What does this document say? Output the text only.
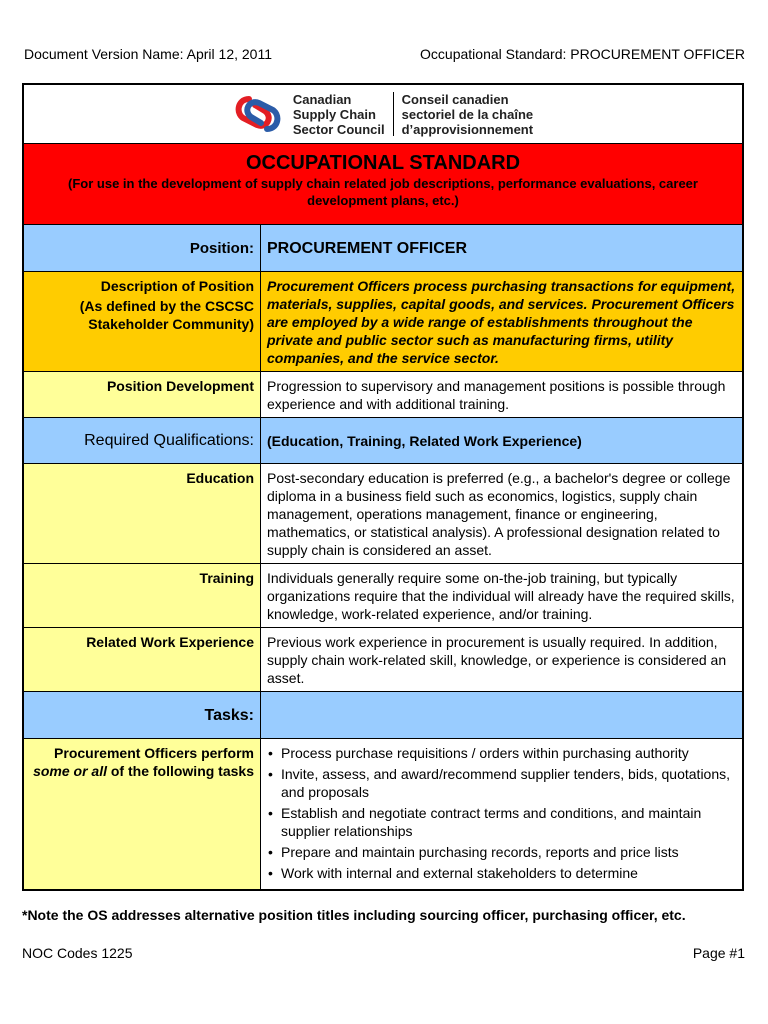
Document Version Name: April 12, 2011	Occupational Standard: PROCUREMENT OFFICER
Canadian
Supply Chain
Sector Council
Conseil canadien
sectoriel de la chaîne
d’approvisionnement
OCCUPATIONAL STANDARD
(For use in the development of supply chain related job descriptions, performance evaluations, career development plans, etc.)
Position: PROCUREMENT OFFICER

Description of Position

(As defined by the CSCSC Stakeholder Community)

Procurement Officers process purchasing transactions for equipment, materials, supplies, capital goods, and services. Procurement Officers are employed by a wide range of establishments throughout the private and public sector such as manufacturing firms, utility companies, and the service sector.
Position Development Progression to supervisory and management positions is possible through experience and with additional training.
Required Qualifications: (Education, Training, Related Work Experience)
Education Post-secondary education is preferred (e.g., a bachelor's degree or college diploma in a business field such as economics, logistics, supply chain management, operations management, finance or engineering, mathematics, or statistical analysis). A professional designation related to supply chain is considered an asset.
Training Individuals generally require some on-the-job training, but typically organizations require that the individual will already have the required skills, knowledge, work-related experience, and/or training.
Related Work Experience Previous work experience in procurement is usually required. In addition, supply chain work-related skill, knowledge, or experience is considered an asset.
Tasks:
Procurement Officers perform
some or all of the following tasks
• Process purchase requisitions / orders within purchasing authority
• Invite, assess, and award/recommend supplier tenders, bids, quotations, and proposals
• Establish and negotiate contract terms and conditions, and maintain supplier relationships
• Prepare and maintain purchasing records, reports and price lists
• Work with internal and external stakeholders to determine
*Note the OS addresses alternative position titles including sourcing officer, purchasing officer, etc.
NOC Codes 1225	Page #1
